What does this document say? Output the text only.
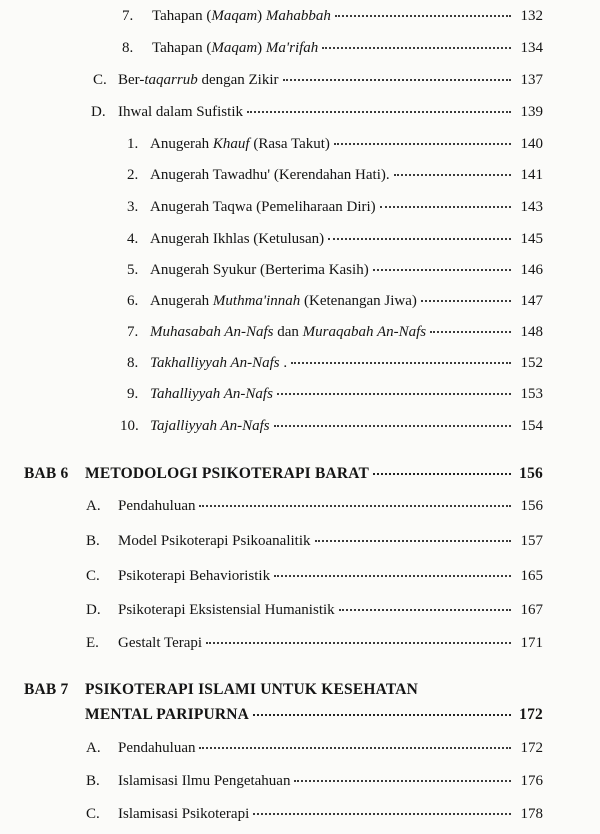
7.	Tahapan (Maqam) Mahabbah	132
8.	Tahapan (Maqam) Ma'rifah	134
C. Ber-taqarrub dengan Zikir	137
D. Ihwal dalam Sufistik	139
1. Anugerah Khauf (Rasa Takut)	140
2. Anugerah Tawadhu' (Kerendahan Hati).	141
3. Anugerah Taqwa (Pemeliharaan Diri)	143
4. Anugerah Ikhlas (Ketulusan)	145
5. Anugerah Syukur (Berterima Kasih)	146
6. Anugerah Muthma'innah (Ketenangan Jiwa)	147
7. Muhasabah An-Nafs dan Muraqabah An-Nafs	148
8. Takhalliyyah An-Nafs .	152
9. Tahalliyyah An-Nafs	153
10. Tajalliyyah An-Nafs	154
BAB 6	METODOLOGI PSIKOTERAPI BARAT	156
A.	Pendahuluan	156
B.	Model Psikoterapi Psikoanalitik	157
C.	Psikoterapi Behavioristik	165
D.	Psikoterapi Eksistensial Humanistik	167
E.	Gestalt Terapi	171
BAB 7	PSIKOTERAPI ISLAMI UNTUK KESEHATAN
MENTAL PARIPURNA	172
A.	Pendahuluan	172
B.	Islamisasi Ilmu Pengetahuan	176
C.	Islamisasi Psikoterapi	178
